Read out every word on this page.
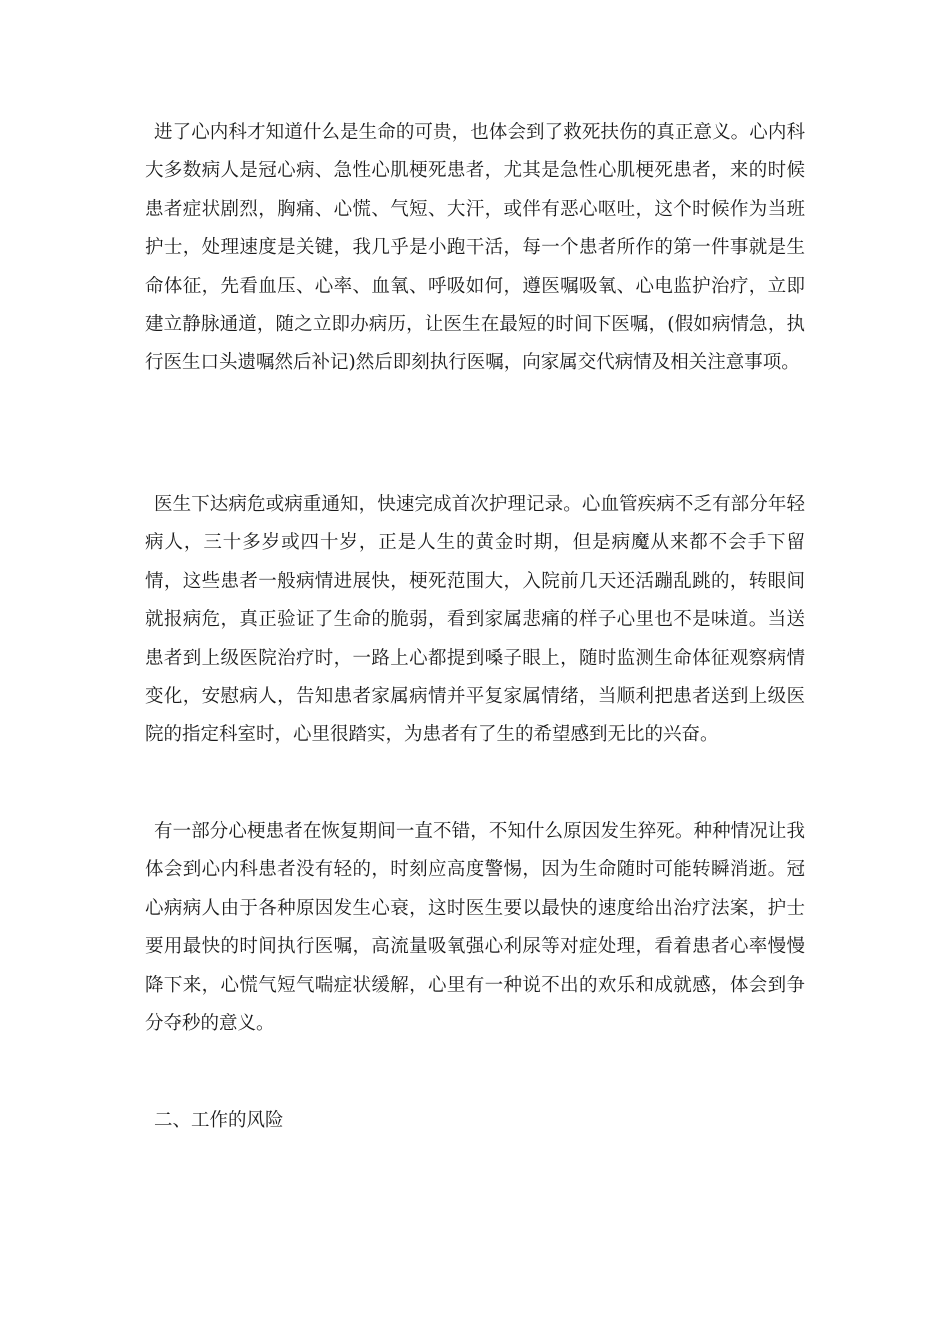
进了心内科才知道什么是生命的可贵，也体会到了救死扶伤的真正意义。心内科大多数病人是冠心病、急性心肌梗死患者，尤其是急性心肌梗死患者，来的时候患者症状剧烈，胸痛、心慌、气短、大汗，或伴有恶心呕吐，这个时候作为当班护士，处理速度是关键，我几乎是小跑干活，每一个患者所作的第一件事就是生命体征，先看血压、心率、血氧、呼吸如何，遵医嘱吸氧、心电监护治疗，立即建立静脉通道，随之立即办病历，让医生在最短的时间下医嘱，(假如病情急，执行医生口头遗嘱然后补记)然后即刻执行医嘱，向家属交代病情及相关注意事项。

医生下达病危或病重通知，快速完成首次护理记录。心血管疾病不乏有部分年轻病人，三十多岁或四十岁，正是人生的黄金时期，但是病魔从来都不会手下留情，这些患者一般病情进展快，梗死范围大，入院前几天还活蹦乱跳的，转眼间就报病危，真正验证了生命的脆弱，看到家属悲痛的样子心里也不是味道。当送患者到上级医院治疗时，一路上心都提到嗓子眼上，随时监测生命体征观察病情变化，安慰病人，告知患者家属病情并平复家属情绪，当顺利把患者送到上级医院的指定科室时，心里很踏实，为患者有了生的希望感到无比的兴奋。

有一部分心梗患者在恢复期间一直不错，不知什么原因发生猝死。种种情况让我体会到心内科患者没有轻的，时刻应高度警惕，因为生命随时可能转瞬消逝。冠心病病人由于各种原因发生心衰，这时医生要以最快的速度给出治疗法案，护士要用最快的时间执行医嘱，高流量吸氧强心利尿等对症处理，看着患者心率慢慢降下来，心慌气短气喘症状缓解，心里有一种说不出的欢乐和成就感，体会到争分夺秒的意义。

二、工作的风险
